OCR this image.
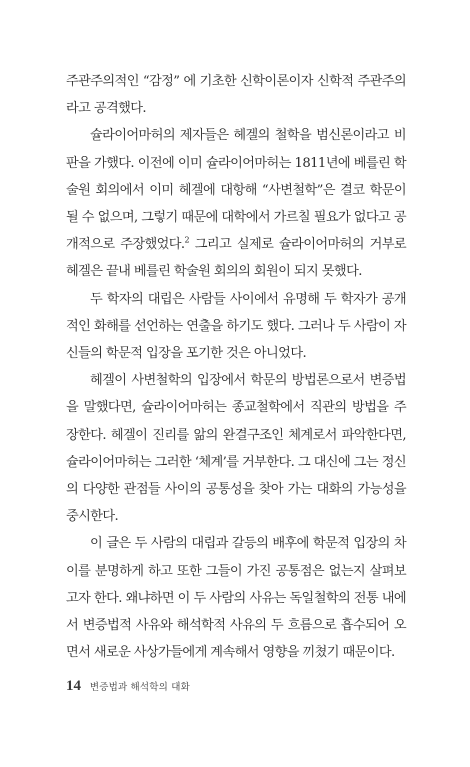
주관주의적인 “감정” 에 기초한 신학이론이자 신학적 주관주의라고 공격했다.

슐라이어마허의 제자들은 헤겔의 철학을 범신론이라고 비판을 가했다. 이전에 이미 슐라이어마허는 1811년에 베를린 학술원 회의에서 이미 헤겔에 대항해 “사변철학”은 결코 학문이 될 수 없으며, 그렇기 때문에 대학에서 가르칠 필요가 없다고 공개적으로 주장했었다.$^2$ 그리고 실제로 슐라이어마허의 거부로 헤겔은 끝내 베를린 학술원 회의의 회원이 되지 못했다.

두 학자의 대립은 사람들 사이에서 유명해 두 학자가 공개적인 화해를 선언하는 연출을 하기도 했다. 그러나 두 사람이 자신들의 학문적 입장을 포기한 것은 아니었다.

헤겔이 사변철학의 입장에서 학문의 방법론으로서 변증법을 말했다면, 슐라이어마허는 종교철학에서 직관의 방법을 주장한다. 헤겔이 진리를 앎의 완결구조인 체계로서 파악한다면, 슐라이어마허는 그러한 ‘체계’를 거부한다. 그 대신에 그는 정신의 다양한 관점들 사이의 공통성을 찾아 가는 대화의 가능성을 중시한다.

이 글은 두 사람의 대립과 갈등의 배후에 학문적 입장의 차이를 분명하게 하고 또한 그들이 가진 공통점은 없는지 살펴보고자 한다. 왜냐하면 이 두 사람의 사유는 독일철학의 전통 내에서 변증법적 사유와 해석학적 사유의 두 흐름으로 흡수되어 오면서 새로운 사상가들에게 계속해서 영향을 끼쳤기 때문이다.

14 변증법과 해석학의 대화
